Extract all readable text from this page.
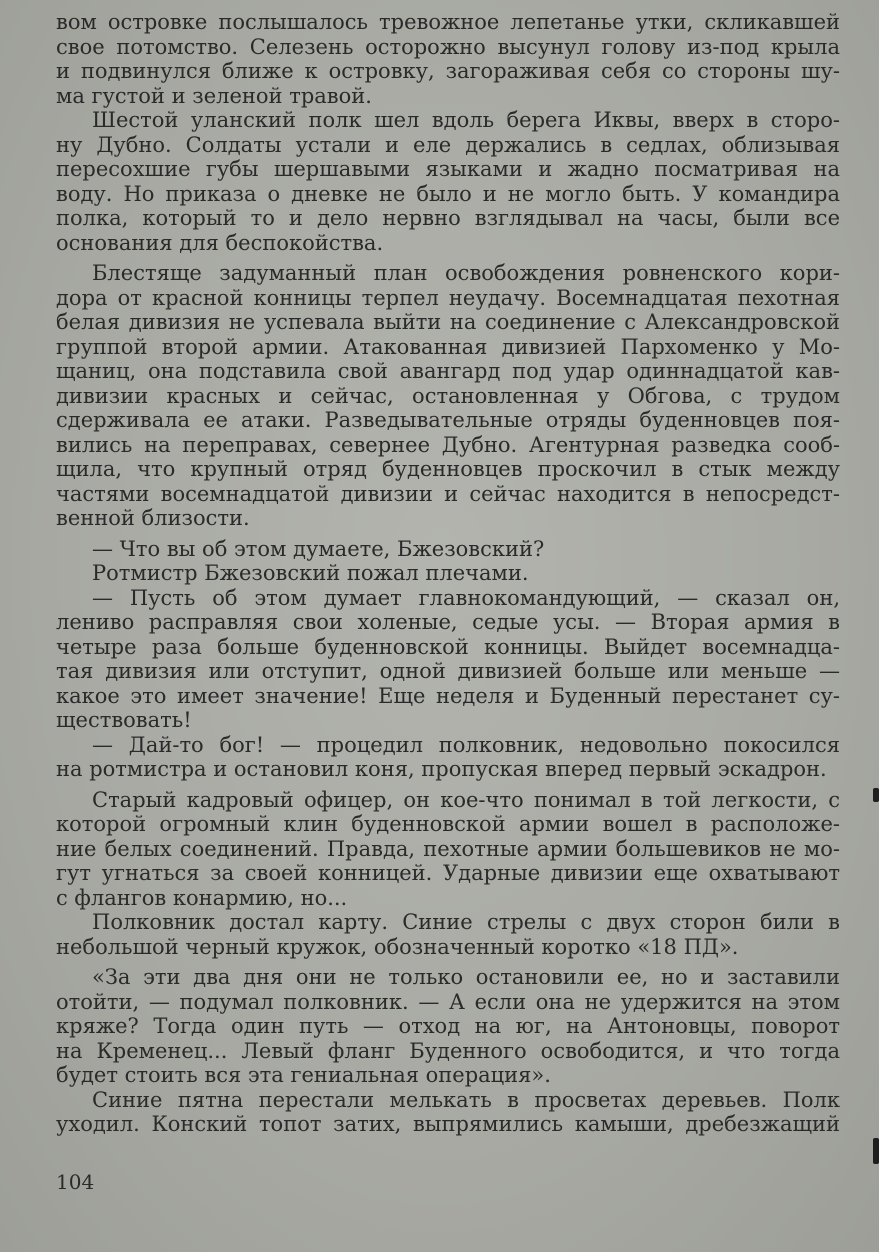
вом островке послышалось тревожное лепетанье утки, скликавшей
свое потомство. Селезень осторожно высунул голову из-под крыла
и подвинулся ближе к островку, загораживая себя со стороны шу-
ма густой и зеленой травой.
Шестой уланский полк шел вдоль берега Иквы, вверх в сторо-
ну Дубно. Солдаты устали и еле держались в седлах, облизывая
пересохшие губы шершавыми языками и жадно посматривая на
воду. Но приказа о дневке не было и не могло быть. У командира
полка, который то и дело нервно взглядывал на часы, были все
основания для беспокойства.
Блестяще задуманный план освобождения ровненского кори-
дора от красной конницы терпел неудачу. Восемнадцатая пехотная
белая дивизия не успевала выйти на соединение с Александровской
группой второй армии. Атакованная дивизией Пархоменко у Мо-
щаниц, она подставила свой авангард под удар одиннадцатой кав-
дивизии красных и сейчас, остановленная у Обгова, с трудом
сдерживала ее атаки. Разведывательные отряды буденновцев поя-
вились на переправах, севернее Дубно. Агентурная разведка сооб-
щила, что крупный отряд буденновцев проскочил в стык между
частями восемнадцатой дивизии и сейчас находится в непосредст-
венной близости.
— Что вы об этом думаете, Бжезовский?
Ротмистр Бжезовский пожал плечами.
— Пусть об этом думает главнокомандующий, — сказал он,
лениво расправляя свои холеные, седые усы. — Вторая армия в
четыре раза больше буденновской конницы. Выйдет восемнадца-
тая дивизия или отступит, одной дивизией больше или меньше —
какое это имеет значение! Еще неделя и Буденный перестанет су-
ществовать!
— Дай-то бог! — процедил полковник, недовольно покосился
на ротмистра и остановил коня, пропуская вперед первый эскадрон.
Старый кадровый офицер, он кое-что понимал в той легкости, с
которой огромный клин буденновской армии вошел в расположе-
ние белых соединений. Правда, пехотные армии большевиков не мо-
гут угнаться за своей конницей. Ударные дивизии еще охватывают
с флангов конармию, но...
Полковник достал карту. Синие стрелы с двух сторон били в
небольшой черный кружок, обозначенный коротко «18 ПД».
«За эти два дня они не только остановили ее, но и заставили
отойти, — подумал полковник. — А если она не удержится на этом
кряже? Тогда один путь — отход на юг, на Антоновцы, поворот
на Кременец... Левый фланг Буденного освободится, и что тогда
будет стоить вся эта гениальная операция».
Синие пятна перестали мелькать в просветах деревьев. Полк
уходил. Конский топот затих, выпрямились камыши, дребезжащий
104
